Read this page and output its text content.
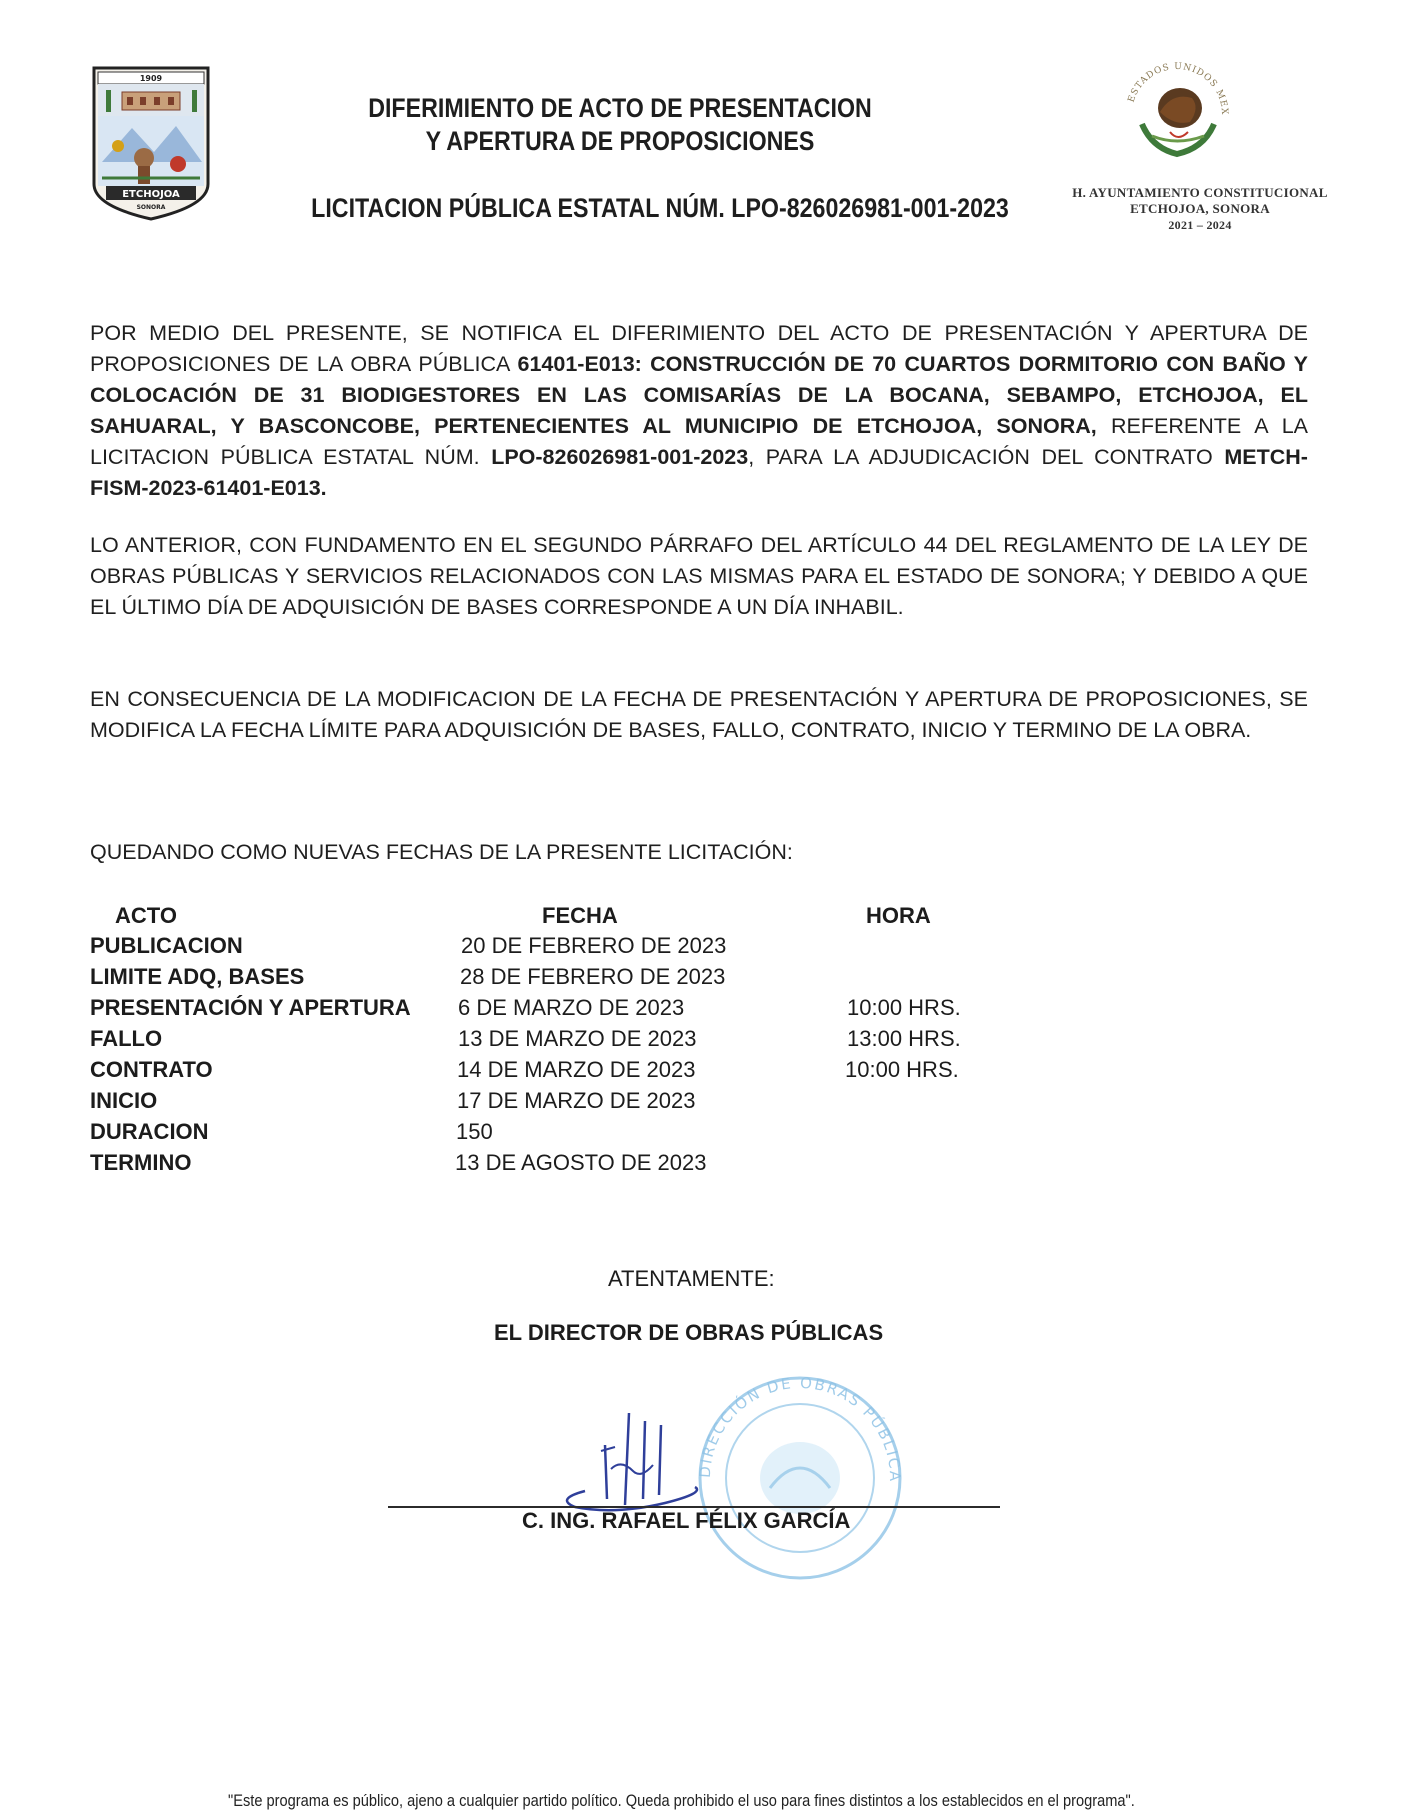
1909
ETCHOJOA
SONORA
ESTADOS UNIDOS MEX
DIFERIMIENTO DE ACTO DE PRESENTACION
Y APERTURA DE PROPOSICIONES
LICITACION PÚBLICA ESTATAL NÚM. LPO-826026981-001-2023
H. AYUNTAMIENTO CONSTITUCIONAL
ETCHOJOA, SONORA
2021 – 2024
POR MEDIO DEL PRESENTE, SE NOTIFICA EL DIFERIMIENTO DEL ACTO DE PRESENTACIÓN Y APERTURA DE PROPOSICIONES DE LA OBRA PÚBLICA 61401-E013: CONSTRUCCIÓN DE 70 CUARTOS DORMITORIO CON BAÑO Y COLOCACIÓN DE 31 BIODIGESTORES EN LAS COMISARÍAS DE LA BOCANA, SEBAMPO, ETCHOJOA, EL SAHUARAL, Y BASCONCOBE, PERTENECIENTES AL MUNICIPIO DE ETCHOJOA, SONORA, REFERENTE A LA LICITACION PÚBLICA ESTATAL NÚM. LPO-826026981-001-2023, PARA LA ADJUDICACIÓN DEL CONTRATO METCH-FISM-2023-61401-E013.
LO ANTERIOR, CON FUNDAMENTO EN EL SEGUNDO PÁRRAFO DEL ARTÍCULO 44 DEL REGLAMENTO DE LA LEY DE OBRAS PÚBLICAS Y SERVICIOS RELACIONADOS CON LAS MISMAS PARA EL ESTADO DE SONORA; Y DEBIDO A QUE EL ÚLTIMO DÍA DE ADQUISICIÓN DE BASES CORRESPONDE A UN DÍA INHABIL.
EN CONSECUENCIA DE LA MODIFICACION DE LA FECHA DE PRESENTACIÓN Y APERTURA DE PROPOSICIONES, SE MODIFICA LA FECHA LÍMITE PARA ADQUISICIÓN DE BASES, FALLO, CONTRATO, INICIO Y TERMINO DE LA OBRA.
QUEDANDO COMO NUEVAS FECHAS DE LA PRESENTE LICITACIÓN:
ACTO	FECHA	HORA
PUBLICACION	20 DE FEBRERO DE 2023
LIMITE ADQ, BASES	28 DE FEBRERO DE 2023
PRESENTACIÓN Y APERTURA 6 DE MARZO DE 2023	10:00 HRS.
FALLO	13 DE MARZO DE 2023	13:00 HRS.
CONTRATO	14 DE MARZO DE 2023	10:00 HRS.
INICIO	17 DE MARZO DE 2023
DURACION	150
TERMINO	13 DE AGOSTO DE 2023
ATENTAMENTE:
EL DIRECTOR DE OBRAS PÚBLICAS
DIRECCIÓN DE OBRAS PÚBLICA
C. ING. RAFAEL FÉLIX GARCÍA
"Este programa es público, ajeno a cualquier partido político. Queda prohibido el uso para fines distintos a los establecidos en el programa".
